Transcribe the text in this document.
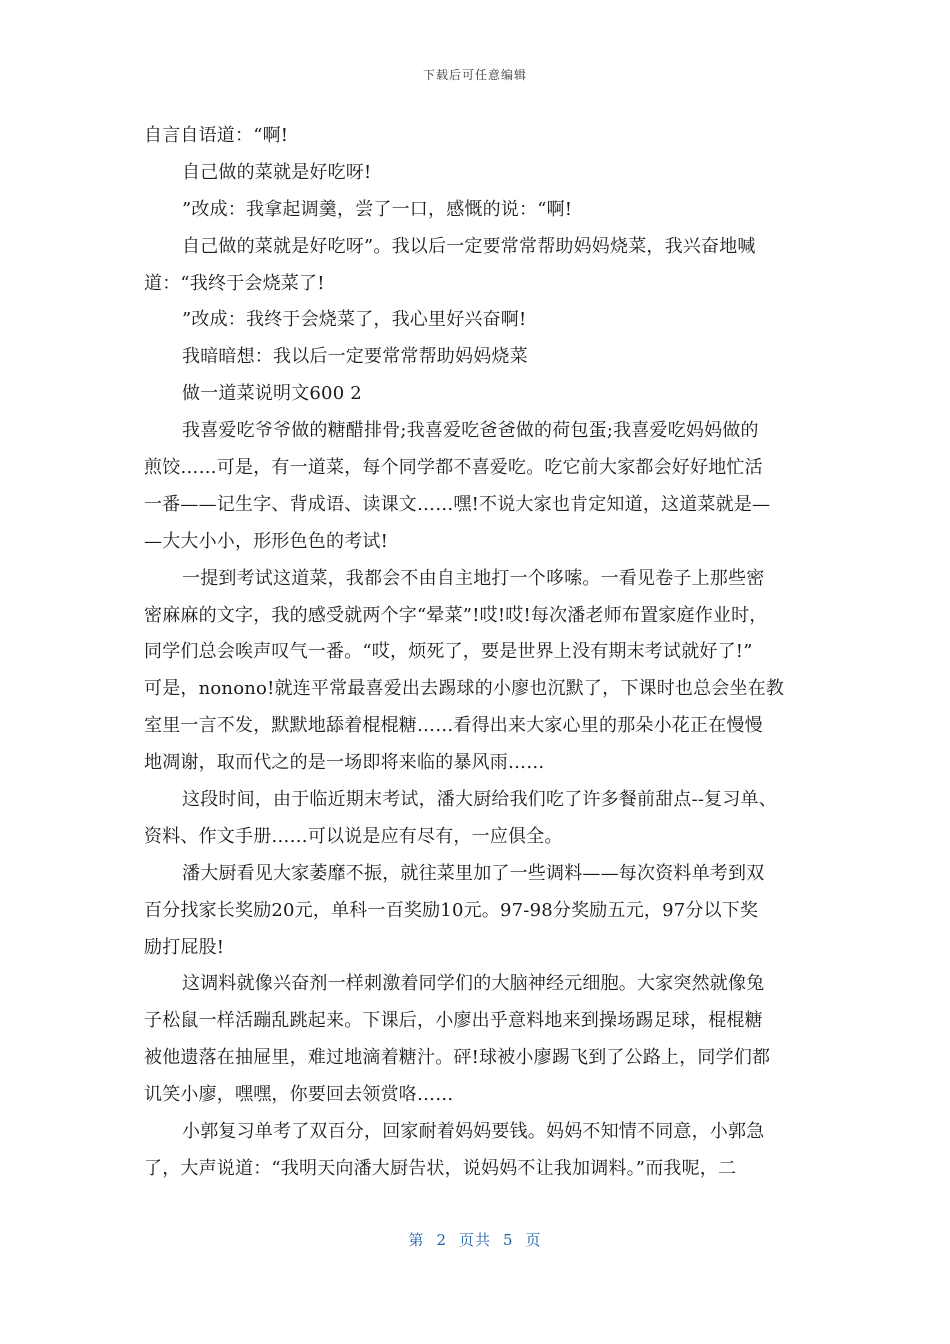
下载后可任意编辑
自言自语道：“啊!
自己做的菜就是好吃呀!
”改成：我拿起调羹，尝了一口，感慨的说：“啊!
自己做的菜就是好吃呀”。我以后一定要常常帮助妈妈烧菜，我兴奋地喊
道：“我终于会烧菜了!
”改成：我终于会烧菜了，我心里好兴奋啊!
我暗暗想：我以后一定要常常帮助妈妈烧菜
做一道菜说明文600 2
我喜爱吃爷爷做的糖醋排骨;我喜爱吃爸爸做的荷包蛋;我喜爱吃妈妈做的
煎饺……可是，有一道菜，每个同学都不喜爱吃。吃它前大家都会好好地忙活
一番——记生字、背成语、读课文……嘿!不说大家也肯定知道，这道菜就是—
—大大小小，形形色色的考试!
一提到考试这道菜，我都会不由自主地打一个哆嗦。一看见卷子上那些密
密麻麻的文字，我的感受就两个字“晕菜”!哎!哎!每次潘老师布置家庭作业时，
同学们总会唉声叹气一番。“哎，烦死了，要是世界上没有期末考试就好了!”
可是，nonono!就连平常最喜爱出去踢球的小廖也沉默了，下课时也总会坐在教
室里一言不发，默默地舔着棍棍糖……看得出来大家心里的那朵小花正在慢慢
地凋谢，取而代之的是一场即将来临的暴风雨……
这段时间，由于临近期末考试，潘大厨给我们吃了许多餐前甜点--复习单、
资料、作文手册……可以说是应有尽有，一应俱全。
潘大厨看见大家萎靡不振，就往菜里加了一些调料——每次资料单考到双
百分找家长奖励20元，单科一百奖励10元。97-98分奖励五元，97分以下奖
励打屁股!
这调料就像兴奋剂一样刺激着同学们的大脑神经元细胞。大家突然就像兔
子松鼠一样活蹦乱跳起来。下课后，小廖出乎意料地来到操场踢足球，棍棍糖
被他遗落在抽屉里，难过地滴着糖汁。砰!球被小廖踢飞到了公路上，同学们都
讥笑小廖，嘿嘿，你要回去领赏咯……
小郭复习单考了双百分，回家耐着妈妈要钱。妈妈不知情不同意，小郭急
了，大声说道：“我明天向潘大厨告状，说妈妈不让我加调料。”而我呢，二
第 2 页共 5 页
